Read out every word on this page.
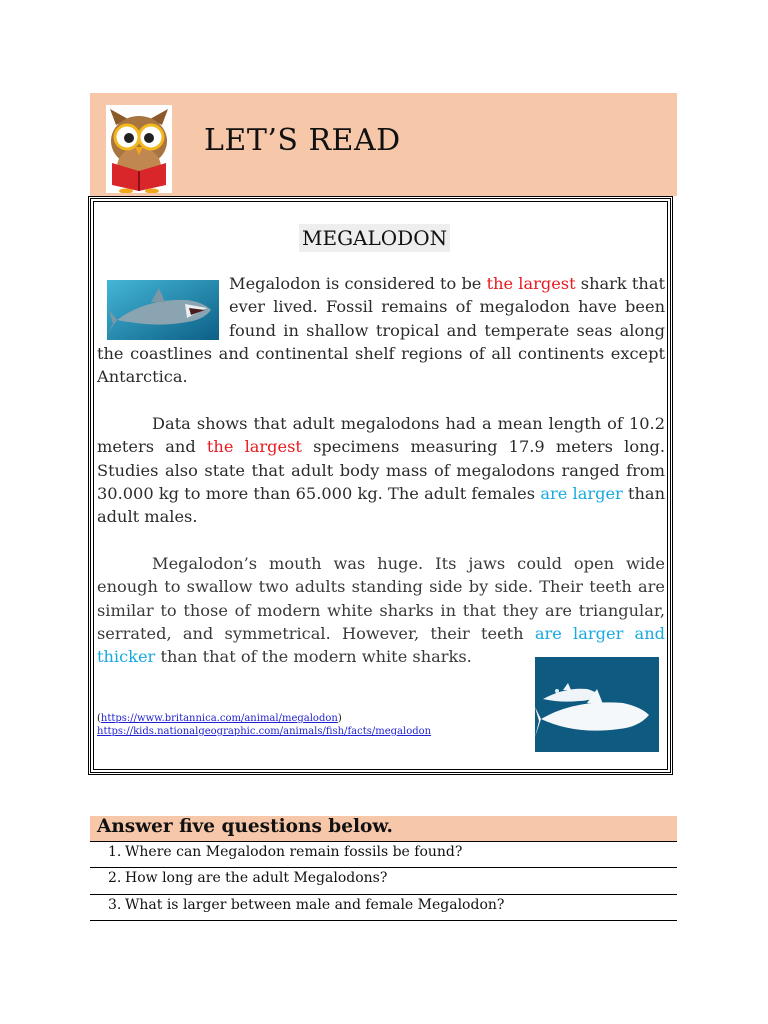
LET’S READ
MEGALODON

Megalodon is considered to be the largest shark that ever lived. Fossil remains of megalodon have been found in shallow tropical and temperate seas along the coastlines and continental shelf regions of all continents except Antarctica.

Data shows that adult megalodons had a mean length of 10.2 meters and the largest specimens measuring 17.9 meters long. Studies also state that adult body mass of megalodons ranged from 30.000 kg to more than 65.000 kg. The adult females are larger than adult males.

Megalodon’s mouth was huge. Its jaws could open wide enough to swallow two adults standing side by side. Their teeth are similar to those of modern white sharks in that they are triangular, serrated, and symmetrical. However, their teeth are larger and thicker
than that of the modern white sharks.

(https://www.britannica.com/animal/megalodon)
https://kids.nationalgeographic.com/animals/fish/facts/megalodon
Answer five questions below.
1. Where can Megalodon remain fossils be found?
2. How long are the adult Megalodons?
3. What is larger between male and female Megalodon?
